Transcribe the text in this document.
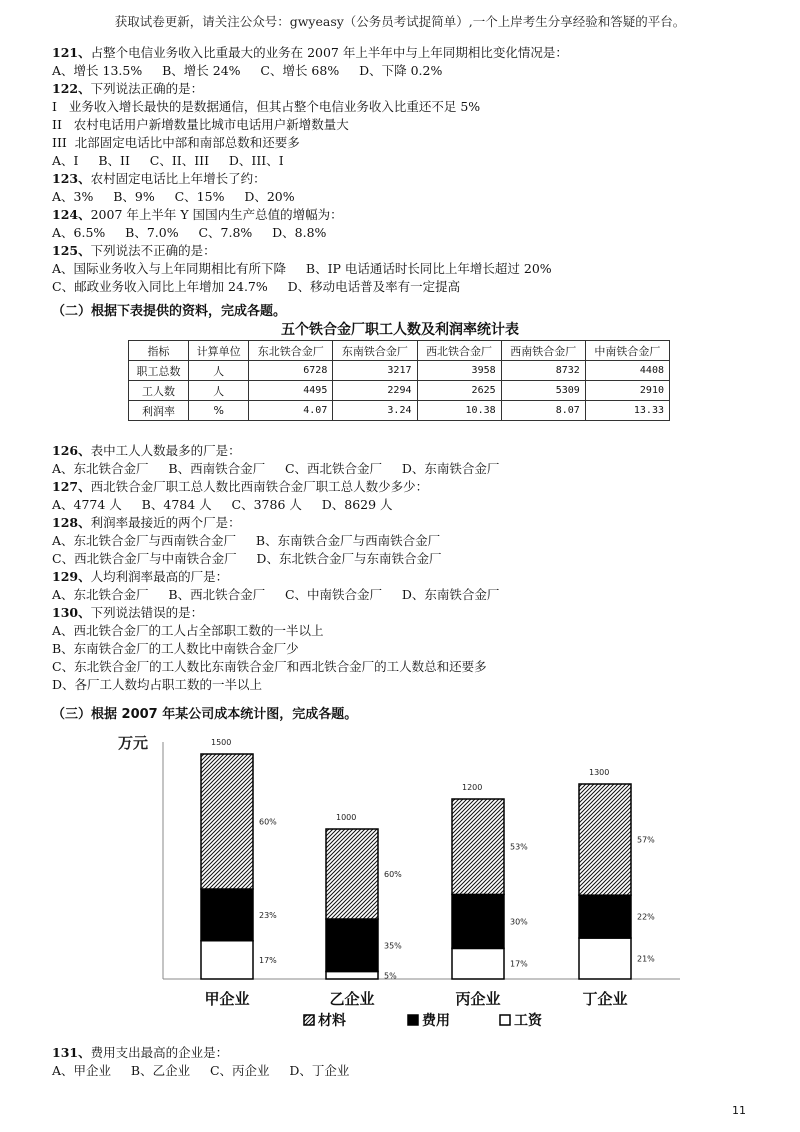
获取试卷更新，请关注公众号：gwyeasy（公务员考试捉简单）,一个上岸考生分享经验和答疑的平台。
121、占整个电信业务收入比重最大的业务在 2007 年上半年中与上年同期相比变化情况是：
A、增长 13.5%     B、增长 24%     C、增长 68%     D、下降 0.2%
122、下列说法正确的是：
I   业务收入增长最快的是数据通信，但其占整个电信业务收入比重还不足 5%
II   农村电话用户新增数量比城市电话用户新增数量大
III  北部固定电话比中部和南部总数和还要多
A、I     B、II     C、II、III     D、III、I
123、农村固定电话比上年增长了约：
A、3%     B、9%     C、15%     D、20%
124、2007 年上半年 Y 国国内生产总值的增幅为：
A、6.5%     B、7.0%     C、7.8%     D、8.8%
125、下列说法不正确的是：
A、国际业务收入与上年同期相比有所下降     B、IP 电话通话时长同比上年增长超过 20%
C、邮政业务收入同比上年增加 24.7%     D、移动电话普及率有一定提高
（二）根据下表提供的资料，完成各题。
五个铁合金厂职工人数及利润率统计表
指标	计算单位	东北铁合金厂	东南铁合金厂	西北铁合金厂	西南铁合金厂	中南铁合金厂
职工总数	人	6728	3217	3958	8732	4408
工人数	人	4495	2294	2625	5309	2910
利润率	%	4.07	3.24	10.38	8.07	13.33
126、表中工人人数最多的厂是：
A、东北铁合金厂     B、西南铁合金厂     C、西北铁合金厂     D、东南铁合金厂
127、西北铁合金厂职工总人数比西南铁合金厂职工总人数少多少：
A、4774 人     B、4784 人     C、3786 人     D、8629 人
128、利润率最接近的两个厂是：
A、东北铁合金厂与西南铁合金厂     B、东南铁合金厂与西南铁合金厂
C、西北铁合金厂与中南铁合金厂     D、东北铁合金厂与东南铁合金厂
129、人均利润率最高的厂是：
A、东北铁合金厂     B、西北铁合金厂     C、中南铁合金厂     D、东南铁合金厂
130、下列说法错误的是：
A、西北铁合金厂的工人占全部职工数的一半以上
B、东南铁合金厂的工人数比中南铁合金厂少
C、东北铁合金厂的工人数比东南铁合金厂和西北铁合金厂的工人数总和还要多
D、各厂工人数均占职工数的一半以上
（三）根据 2007 年某公司成本统计图，完成各题。
万元
17%
23%
60%
1500
甲企业
5%
35%
60%
1000
乙企业
17%
30%
53%
1200
丙企业
21%
22%
57%
1300
丁企业
材料	费用	工资
131、费用支出最高的企业是：
A、甲企业     B、乙企业     C、丙企业     D、丁企业
11
